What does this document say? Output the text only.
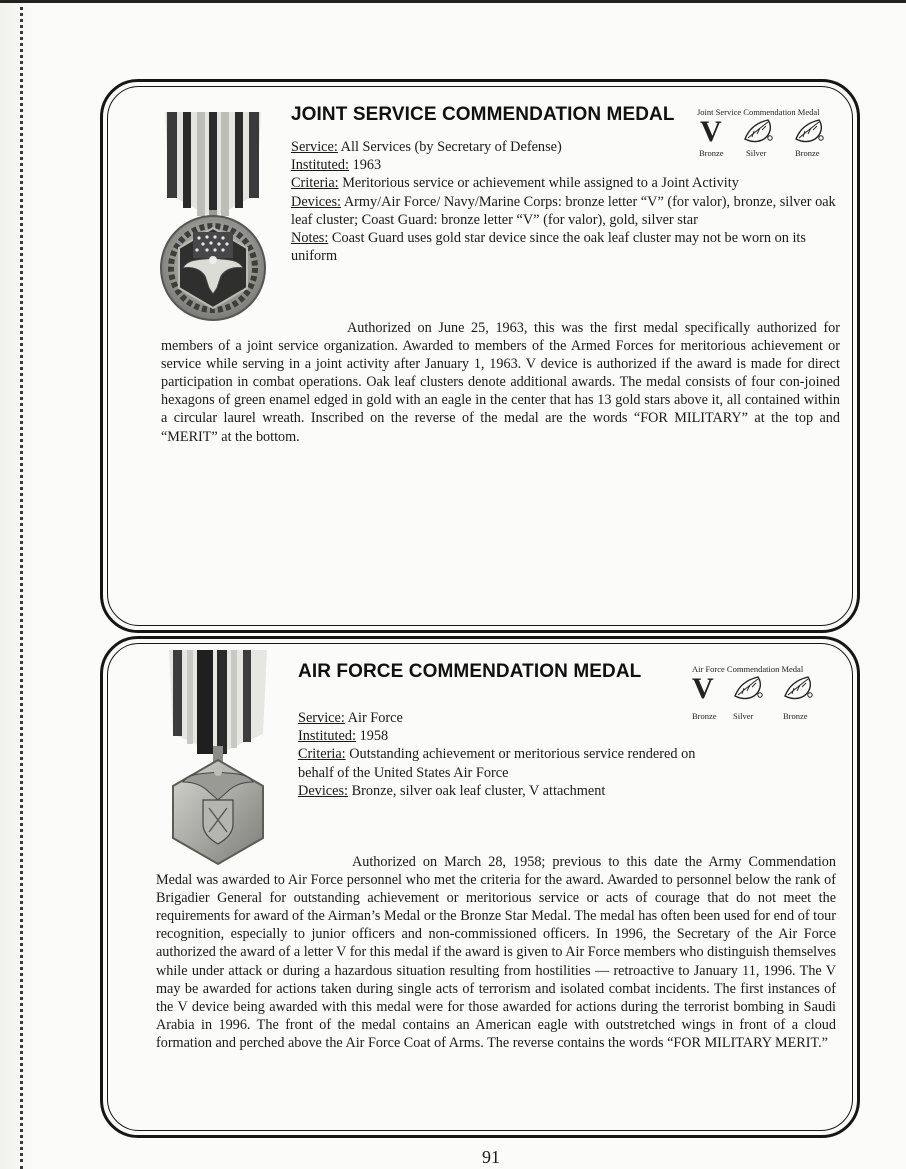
JOINT SERVICE COMMENDATION MEDAL	Joint Service Commendation Medal
V
Bronze	Silver	Bronze

Service: All Services (by Secretary of Defense)

Instituted: 1963

Criteria: Meritorious service or achievement while assigned to a Joint Activity

Devices: Army/Air Force/ Navy/Marine Corps: bronze letter “V” (for valor), bronze, silver oak leaf cluster; Coast Guard: bronze letter “V” (for valor), gold, silver star

Notes: Coast Guard uses gold star device since the oak leaf cluster may not be worn on its uniform

Authorized on June 25, 1963, this was the first medal specifically authorized for members of a joint service organization. Awarded to members of the Armed Forces for meritorious achievement or service while serving in a joint activity after January 1, 1963. V device is authorized if the award is made for direct participation in combat operations. Oak leaf clusters denote additional awards. The medal consists of four con-joined hexagons of green enamel edged in gold with an eagle in the center that has 13 gold stars above it, all contained within a circular laurel wreath. Inscribed on the reverse of the medal are the words “FOR MILITARY” at the top and “MERIT” at the bottom.

AIR FORCE COMMENDATION MEDAL	Air Force Commendation Medal
V
Bronze Silver	Bronze

Service: Air Force

Instituted: 1958

Criteria: Outstanding achievement or meritorious service rendered on behalf of the United States Air Force

Devices: Bronze, silver oak leaf cluster, V attachment

Authorized on March 28, 1958; previous to this date the Army Commendation Medal was awarded to Air Force personnel who met the criteria for the award. Awarded to personnel below the rank of Brigadier General for outstanding achievement or meritorious service or acts of courage that do not meet the requirements for award of the Airman’s Medal or the Bronze Star Medal. The medal has often been used for end of tour recognition, especially to junior officers and non-commissioned officers. In 1996, the Secretary of the Air Force authorized the award of a letter V for this medal if the award is given to Air Force members who distinguish themselves while under attack or during a hazardous situation resulting from hostilities — retroactive to January 11, 1996. The V may be awarded for actions taken during single acts of terrorism and isolated combat incidents. The first instances of the V device being awarded with this medal were for those awarded for actions during the terrorist bombing in Saudi Arabia in 1996. The front of the medal contains an American eagle with outstretched wings in front of a cloud formation and perched above the Air Force Coat of Arms. The reverse contains the words “FOR MILITARY MERIT.”

91
